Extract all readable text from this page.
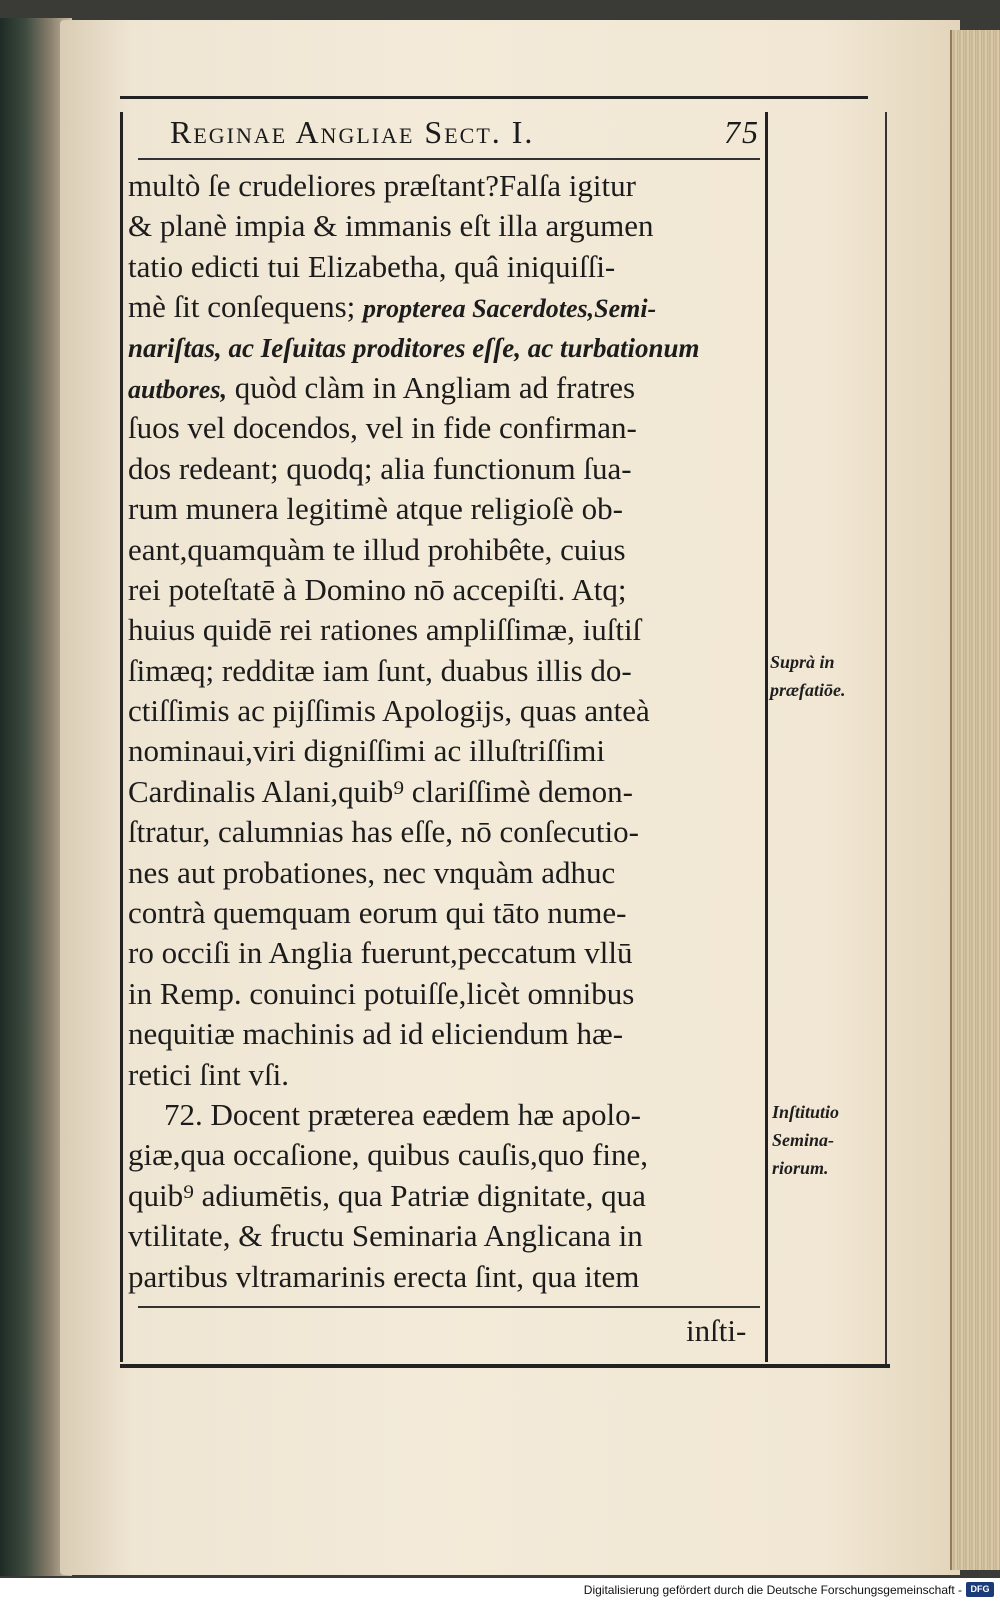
Reginae Angliae Sect. I.	75
multò ſe crudeliores præſtant?Falſa igitur
& planè impia & immanis eſt illa argumen
tatio edicti tui Elizabetha, quâ iniquiſſi-
mè ſit conſequens; propterea Sacerdotes,Semi-
nariſtas, ac Ieſuitas proditores eſſe, ac turbationum
autbores, quòd clàm in Angliam ad fratres
ſuos vel docendos, vel in fide confirman-
dos redeant; quodq; alia functionum ſua-
rum munera legitimè atque religioſè ob-
eant,quamquàm te illud prohibête, cuius
rei poteſtatē à Domino nō accepiſti. Atq;
huius quidē rei rationes ampliſſimæ, iuſtiſ
ſimæq; redditæ iam ſunt, duabus illis do-
ctiſſimis ac pijſſimis Apologijs, quas anteà
nominaui,viri digniſſimi ac illuſtriſſimi
Cardinalis Alani,quib⁹ clariſſimè demon-
ſtratur, calumnias has eſſe, nō conſecutio-
nes aut probationes, nec vnquàm adhuc
contrà quemquam eorum qui tāto nume-
ro occiſi in Anglia fuerunt,peccatum vllū
in Remp. conuinci potuiſſe,licèt omnibus
nequitiæ machinis ad id eliciendum hæ-
retici ſint vſi.
72. Docent præterea eædem hæ apolo-
giæ,qua occaſione, quibus cauſis,quo fine,
quib⁹ adiumētis, qua Patriæ dignitate, qua
vtilitate, & fructu Seminaria Anglicana in
partibus vltramarinis erecta ſint, qua item
Suprà in
præfatiōe.
Inſtitutio
Semina-
riorum.
inſti-
Digitalisierung gefördert durch die Deutsche Forschungsgemeinschaft - DFG
